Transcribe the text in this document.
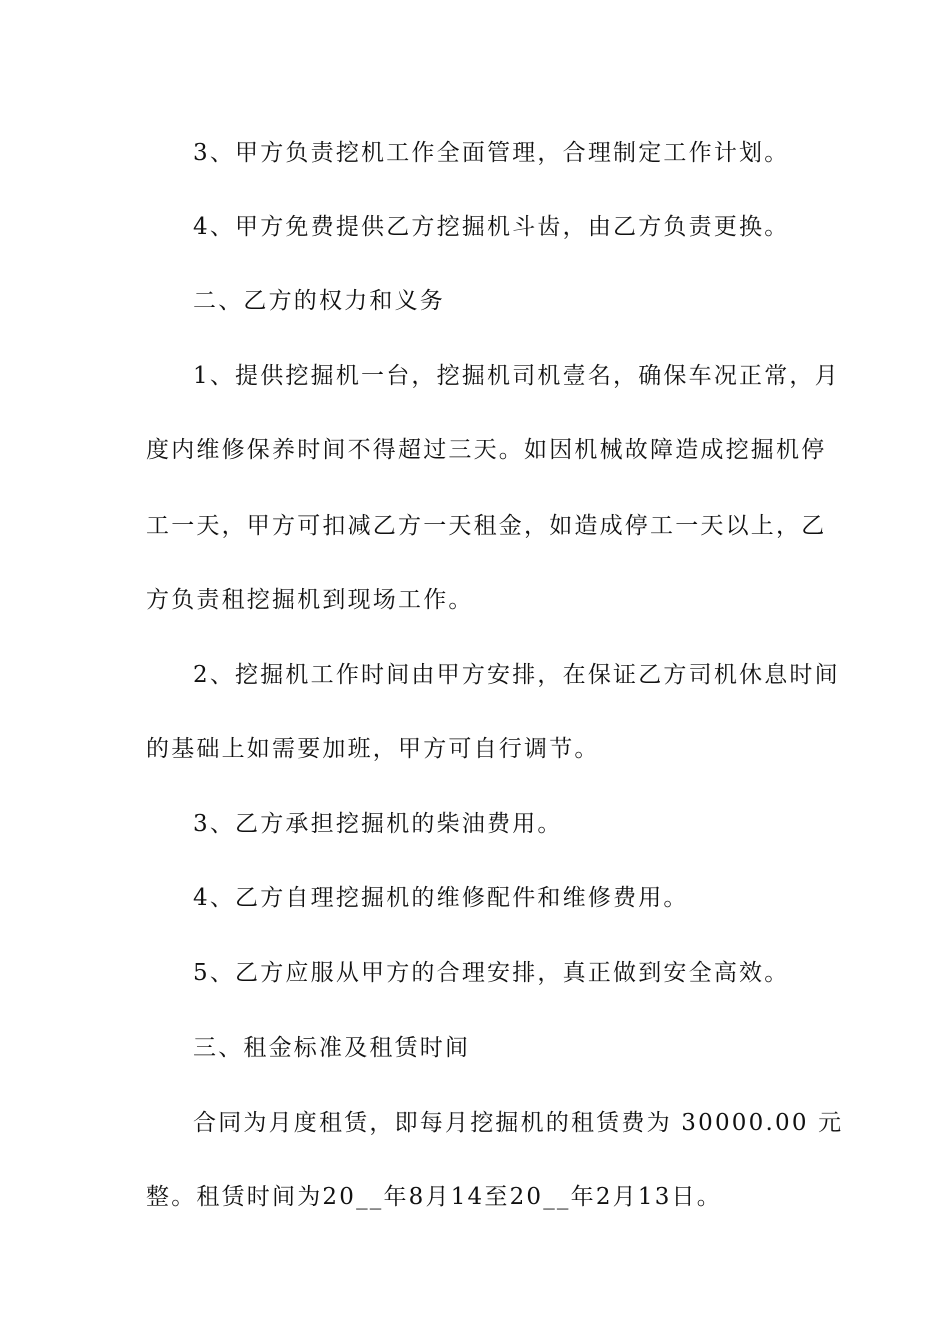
3、甲方负责挖机工作全面管理，合理制定工作计划。
4、甲方免费提供乙方挖掘机斗齿，由乙方负责更换。
二、乙方的权力和义务
1、提供挖掘机一台，挖掘机司机壹名，确保车况正常，月
度内维修保养时间不得超过三天。如因机械故障造成挖掘机停
工一天，甲方可扣减乙方一天租金，如造成停工一天以上，乙
方负责租挖掘机到现场工作。
2、挖掘机工作时间由甲方安排，在保证乙方司机休息时间
的基础上如需要加班，甲方可自行调节。
3、乙方承担挖掘机的柴油费用。
4、乙方自理挖掘机的维修配件和维修费用。
5、乙方应服从甲方的合理安排，真正做到安全高效。
三、租金标准及租赁时间
合同为月度租赁，即每月挖掘机的租赁费为 30000.00 元
整。租赁时间为20__年8月14至20__年2月13日。
